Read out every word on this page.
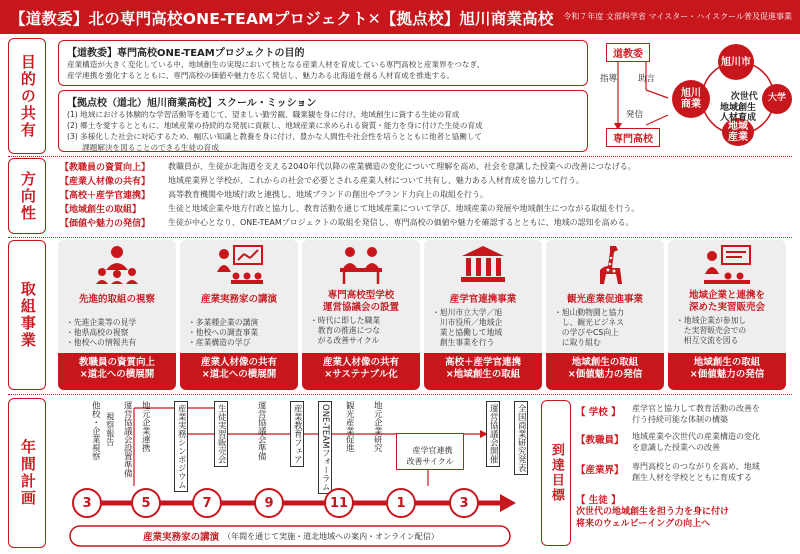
【道教委】北の専門高校ONE-TEAMプロジェクト✕【拠点校】旭川商業高校 令和７年度 文部科学省 マイスター・ハイスクール普及促進事業
目的の共有
方向性
取組事業
年間計画
【道教委】専門高校ONE-TEAMプロジェクトの目的
産業構造が大きく変化している中、地域創生の実現において核となる産業人材を育成している専門高校と産業界をつなぎ、
産学連携を強化するとともに、専門高校の価値や魅力を広く発信し、魅力ある北海道を創る人材育成を推進する。
【拠点校（道北）旭川商業高校】スクール・ミッション
(1) 地域における体験的な学習活動等を通じて、望ましい勤労観、職業観を身に付け、地域創生に資する生徒の育成
(2) 郷土を愛するとともに、地域産業の持続的な発展に貢献し、地域産業に求められる資質・能力を身に付けた生徒の育成
(3) 多様化した社会に対応するため、幅広い知識と教養を身に付け、豊かな人間性や社会性を培うとともに他者と協働して
　　課題解決を図ることのできる生徒の育成
道教委
指導 助言
発信
専門高校
旭川市
旭川
商業
大学
地域
産業

次世代
地域創生
人材育成

【教職員の資質向上】	教職員が、生徒が北海道を支える2040年代以降の産業構造の変化について理解を高め、社会を意識した授業への改善につなげる。
【産業人材像の共有】	地域産業界と学校が、これからの社会で必要とされる産業人材について共有し、魅力ある人材育成を協力して行う。
【高校＋産学官連携】	高等教育機関や地域行政と連携し、地域ブランドの創出やブランド力向上の取組を行う。
【地域創生の取組】	生徒と地域企業や地方行政と協力し、教育活動を通じて地域産業について学び、地域産業の発展や地域創生につながる取組を行う。
【価値や魅力の発信】	生徒が中心となり、ONE-TEAMプロジェクトの取組を発信し、専門高校の価値や魅力を確認するとともに、地域の認知を高める。
先進的取組の視察
・先進企業等の見学
・他県高校の視察
・他校への情報共有
教職員の資質向上
×道北への横展開
産業実務家の講演
・多業種企業の講演
・他校への調査事業
・産業構造の学び
産業人材像の共有
×道北への横展開
専門高校型学校
運営協議会の設置
・時代に即した職業
　教育の推進につな
　がる改善サイクル
産業人材像の共有
×サステナブル化
産学官連携事業
・旭川市立大学／旭
　川市役所／地域企
　業と協働して地域
　創生事業を行う
高校＋産学官連携
×地域創生の取組
観光産業促進事業
・旭山動物園と協力
　し、観光ビジネス
　の学びやCS向上
　に取り組む
地域創生の取組
×価値魅力の発信
地域企業と連携を
深めた実習販売会
・地域企業が参加し
　た実習販売会での
　相互交流を図る
地域創生の取組
×価値魅力の発信
他校・企業視察 視察報告 運営協議会設置準備 地元企業連携	産業実務シンポジウム	生徒実習販売会	運営協議会準備	産業教育フェア ONE-TEAMフォーラム 観光産業促進 地元企業研究	運営協議会開催 全国商業研究発表

産学官連携
改善サイクル

3	5	7	9	11	1	3
産業実務家の講演 （年間を通じて実施・道北地域への案内・オンライン配信）
到達目標
【 学校 】 産学官と協力して教育活動の改善を
行う持続可能な体制の構築
【教職員】 地域産業や次世代の産業構造の変化
を意識した授業への改善
【産業界】 専門高校とのつながりを高め、地域
創生人材を学校とともに育成する
【 生徒 】
次世代の地域創生を担う力を身に付け
将来のウェルビーイングの向上へ
